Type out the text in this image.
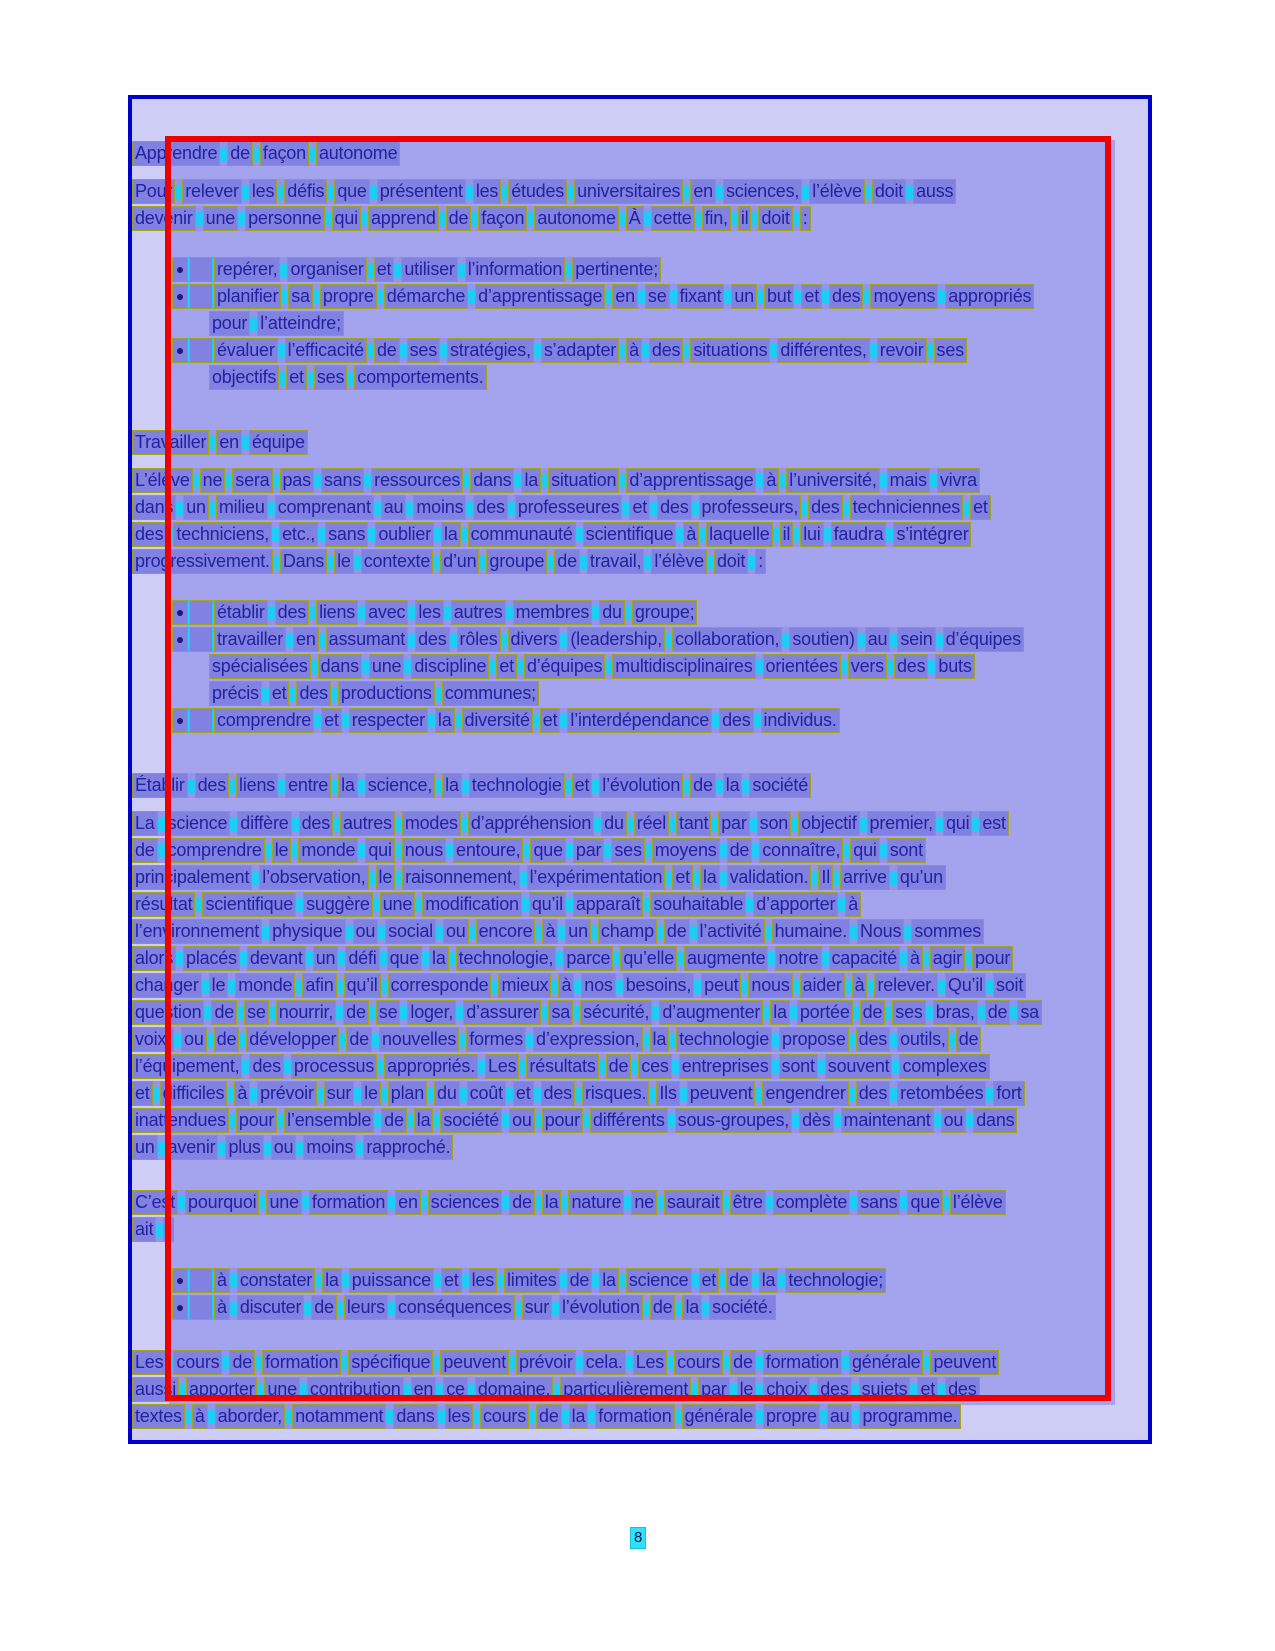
Apprendre de façon autonome
Pour relever les défis que présentent les études universitaires en sciences, l’élève doit auss
devenir une personne qui apprend de façon autonome À cette fin, il doit :
● repérer, organiser et utiliser l’information pertinente;
● planifier sa propre démarche d’apprentissage en se fixant un but et des moyens appropriés
pour l’atteindre;
● évaluer l’efficacité de ses stratégies, s’adapter à des situations différentes, revoir ses
objectifs et ses comportements.
Travailler en équipe
L’élève ne sera pas sans ressources dans la situation d’apprentissage à l’université, mais vivra
dans un milieu comprenant au moins des professeures et des professeurs, des techniciennes et
des techniciens, etc., sans oublier la communauté scientifique à laquelle il lui faudra s’intégrer
progressivement. Dans le contexte d’un groupe de travail, l’élève doit :
● établir des liens avec les autres membres du groupe;
● travailler en assumant des rôles divers (leadership, collaboration, soutien) au sein d’équipes
spécialisées dans une discipline et d’équipes multidisciplinaires orientées vers des buts
précis et des productions communes;
● comprendre et respecter la diversité et l’interdépendance des individus.
Établir des liens entre la science, la technologie et l’évolution de la société
La science diffère des autres modes d’appréhension du réel tant par son objectif premier, qui est
de comprendre le monde qui nous entoure, que par ses moyens de connaître, qui sont
principalement l’observation, le raisonnement, l’expérimentation et la validation. Il arrive qu’un
résultat scientifique suggère une modification qu’il apparaît souhaitable d’apporter à
l’environnement physique ou social ou encore à un champ de l’activité humaine. Nous sommes
alors placés devant un défi que la technologie, parce qu’elle augmente notre capacité à agir pour
changer le monde afin qu’il corresponde mieux à nos besoins, peut nous aider à relever. Qu’il soit
question de se nourrir, de se loger, d’assurer sa sécurité, d’augmenter la portée de ses bras, de sa
voix, ou de développer de nouvelles formes d’expression, la technologie propose des outils, de
l’équipement, des processus appropriés. Les résultats de ces entreprises sont souvent complexes
et difficiles à prévoir sur le plan du coût et des risques. Ils peuvent engendrer des retombées fort
inattendues pour l’ensemble de la société ou pour différents sous-groupes, dès maintenant ou dans
un avenir plus ou moins rapproché.
C’est pourquoi une formation en sciences de la nature ne saurait être complète sans que l’élève
ait :
● à constater la puissance et les limites de la science et de la technologie;
● à discuter de leurs conséquences sur l’évolution de la société.
Les cours de formation spécifique peuvent prévoir cela. Les cours de formation générale peuvent
aussi apporter une contribution en ce domaine, particulièrement par le choix des sujets et des
textes à aborder, notamment dans les cours de la formation générale propre au programme.
8
